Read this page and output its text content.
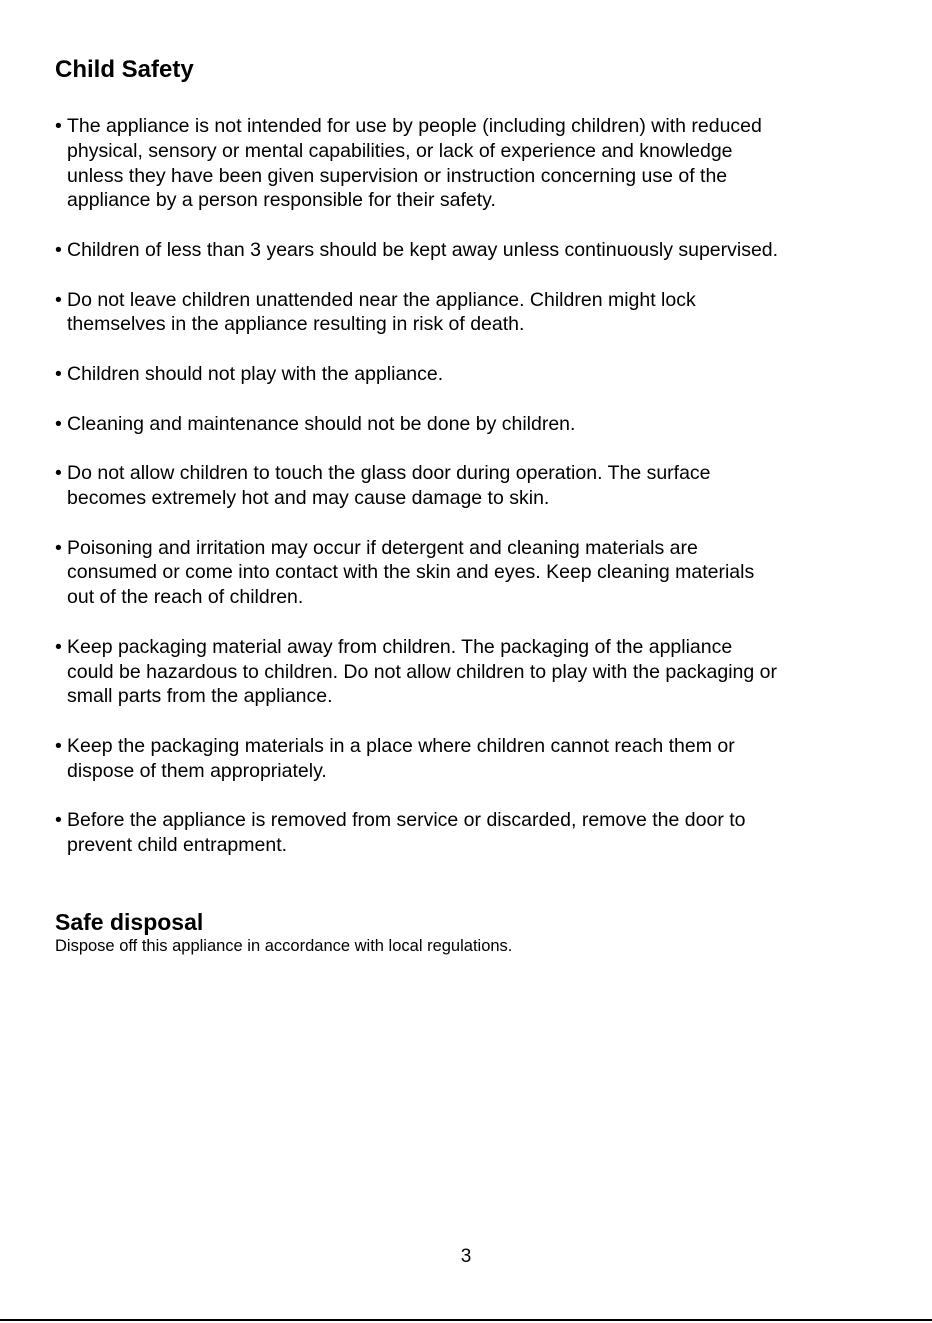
Child Safety
• The appliance is not intended for use by people (including children) with reduced
physical, sensory or mental capabilities, or lack of experience and knowledge
unless they have been given supervision or instruction concerning use of the
appliance by a person responsible for their safety.
• Children of less than 3 years should be kept away unless continuously supervised.
• Do not leave children unattended near the appliance. Children might lock
themselves in the appliance resulting in risk of death.
• Children should not play with the appliance.
• Cleaning and maintenance should not be done by children.
• Do not allow children to touch the glass door during operation. The surface
becomes extremely hot and may cause damage to skin.
• Poisoning and irritation may occur if detergent and cleaning materials are
consumed or come into contact with the skin and eyes. Keep cleaning materials
out of the reach of children.
• Keep packaging material away from children. The packaging of the appliance
could be hazardous to children. Do not allow children to play with the packaging or
small parts from the appliance.
• Keep the packaging materials in a place where children cannot reach them or
dispose of them appropriately.
• Before the appliance is removed from service or discarded, remove the door to
prevent child entrapment.
Safe disposal

Dispose off this appliance in accordance with local regulations.

3
